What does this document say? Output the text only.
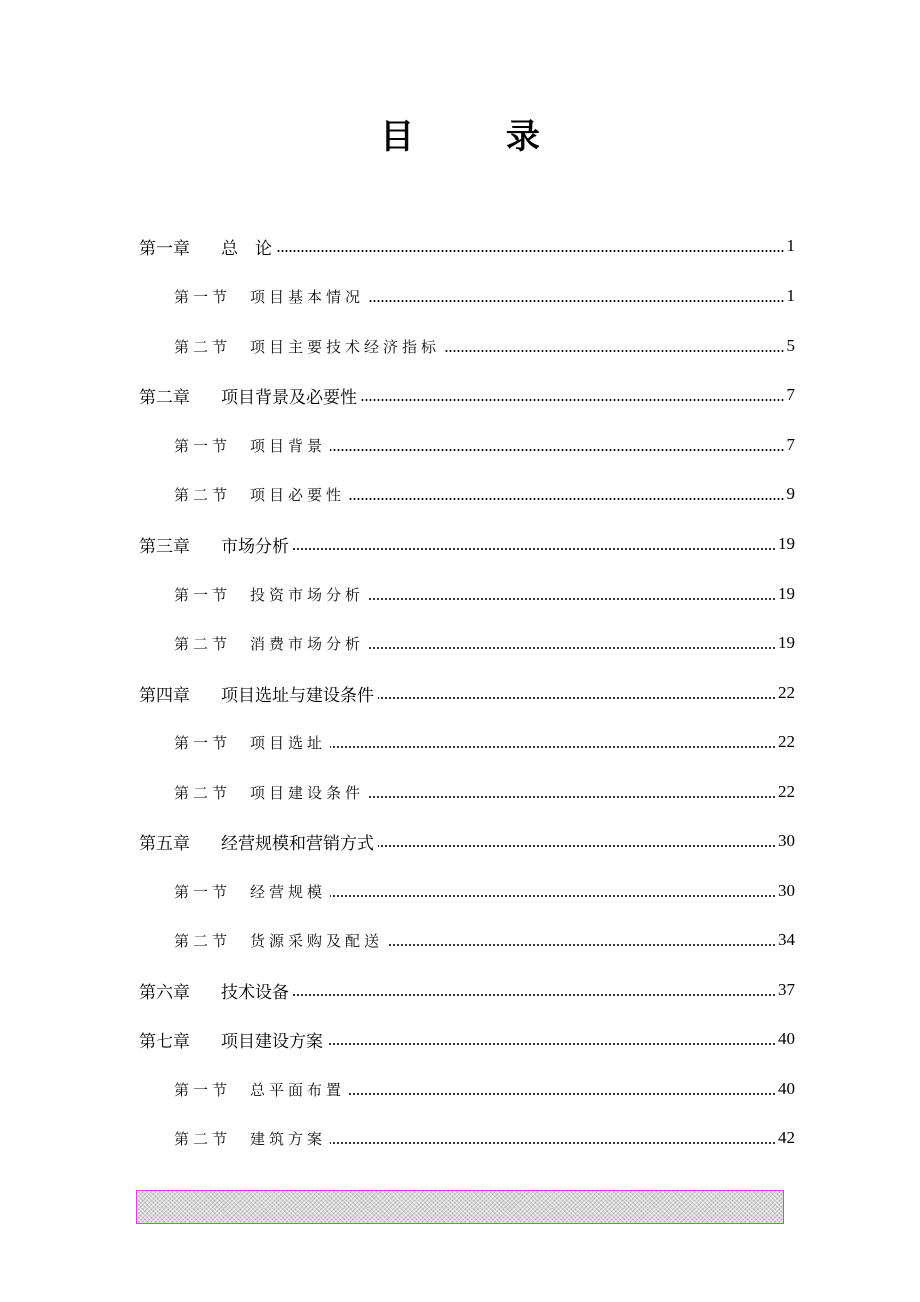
目 录
第一章	总　论	1
第一节	项目基本情况	1
第二节	项目主要技术经济指标	5
第二章	项目背景及必要性	7
第一节	项目背景	7
第二节	项目必要性	9
第三章	市场分析	19
第一节	投资市场分析	19
第二节	消费市场分析	19
第四章	项目选址与建设条件	22
第一节	项目选址	22
第二节	项目建设条件	22
第五章	经营规模和营销方式	30
第一节	经营规模	30
第二节	货源采购及配送	34
第六章	技术设备	37
第七章	项目建设方案	40
第一节	总平面布置	40
第二节	建筑方案	42
